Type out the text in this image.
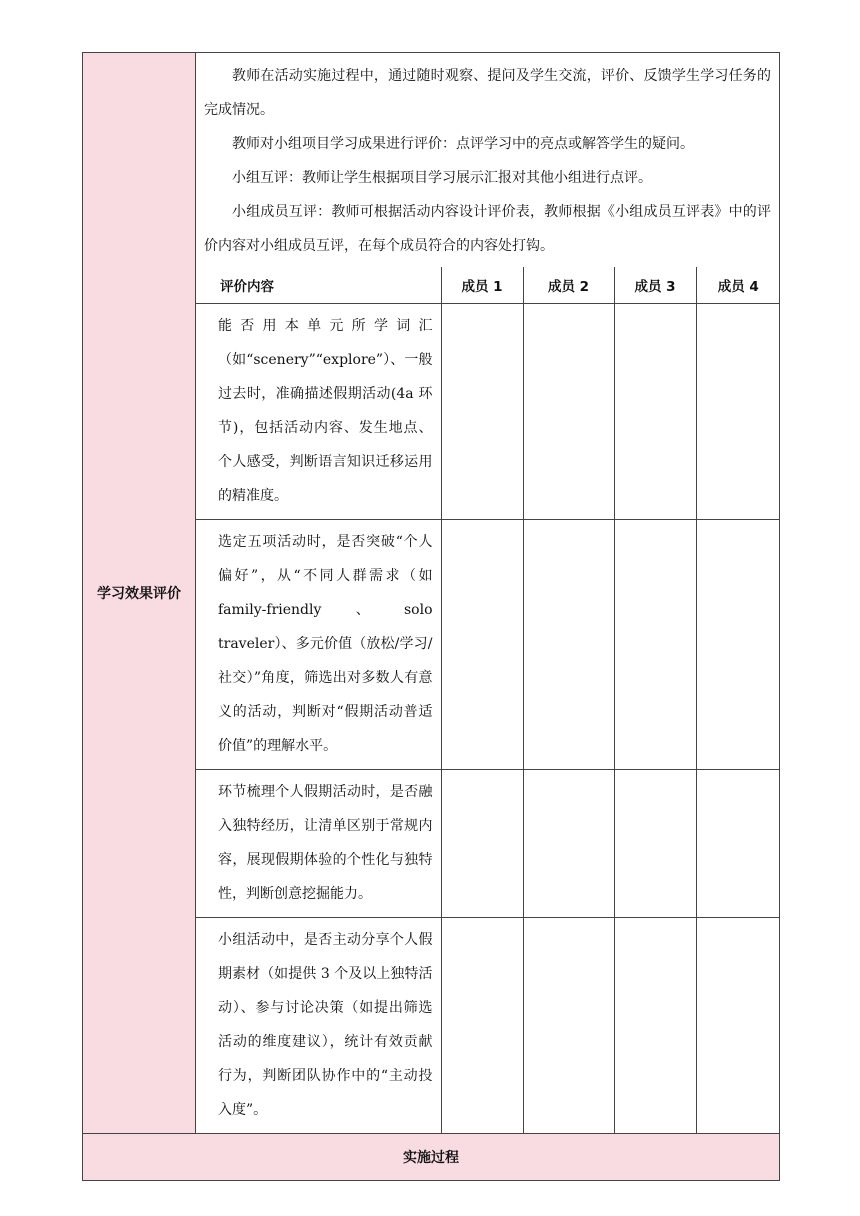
学习效果评价	

教师在活动实施过程中，通过随时观察、提问及学生交流，评价、反馈学生学习任务的完成情况。

教师对小组项目学习成果进行评价：点评学习中的亮点或解答学生的疑问。

小组互评：教师让学生根据项目学习展示汇报对其他小组进行点评。

小组成员互评：教师可根据活动内容设计评价表，教师根据《小组成员互评表》中的评价内容对小组成员互评，在每个成员符合的内容处打钩。

评价内容	成员 1	成员 2	成员 3	成员 4
能否用本单元所学词汇（如“scenery”“explore”）、一般过去时，准确描述假期活动(4a 环节)，包括活动内容、发生地点、个人感受，判断语言知识迁移运用的精准度。				
选定五项活动时，是否突破“个人偏好”，从“不同人群需求（如 family-friendly、solo traveler）、多元价值（放松/学习/社交）”角度，筛选出对多数人有意义的活动，判断对“假期活动普适价值”的理解水平。				
环节梳理个人假期活动时，是否融入独特经历，让清单区别于常规内容，展现假期体验的个性化与独特性，判断创意挖掘能力。				
小组活动中，是否主动分享个人假期素材（如提供 3 个及以上独特活动）、参与讨论决策（如提出筛选活动的维度建议），统计有效贡献行为，判断团队协作中的“主动投入度”。				

实施过程
